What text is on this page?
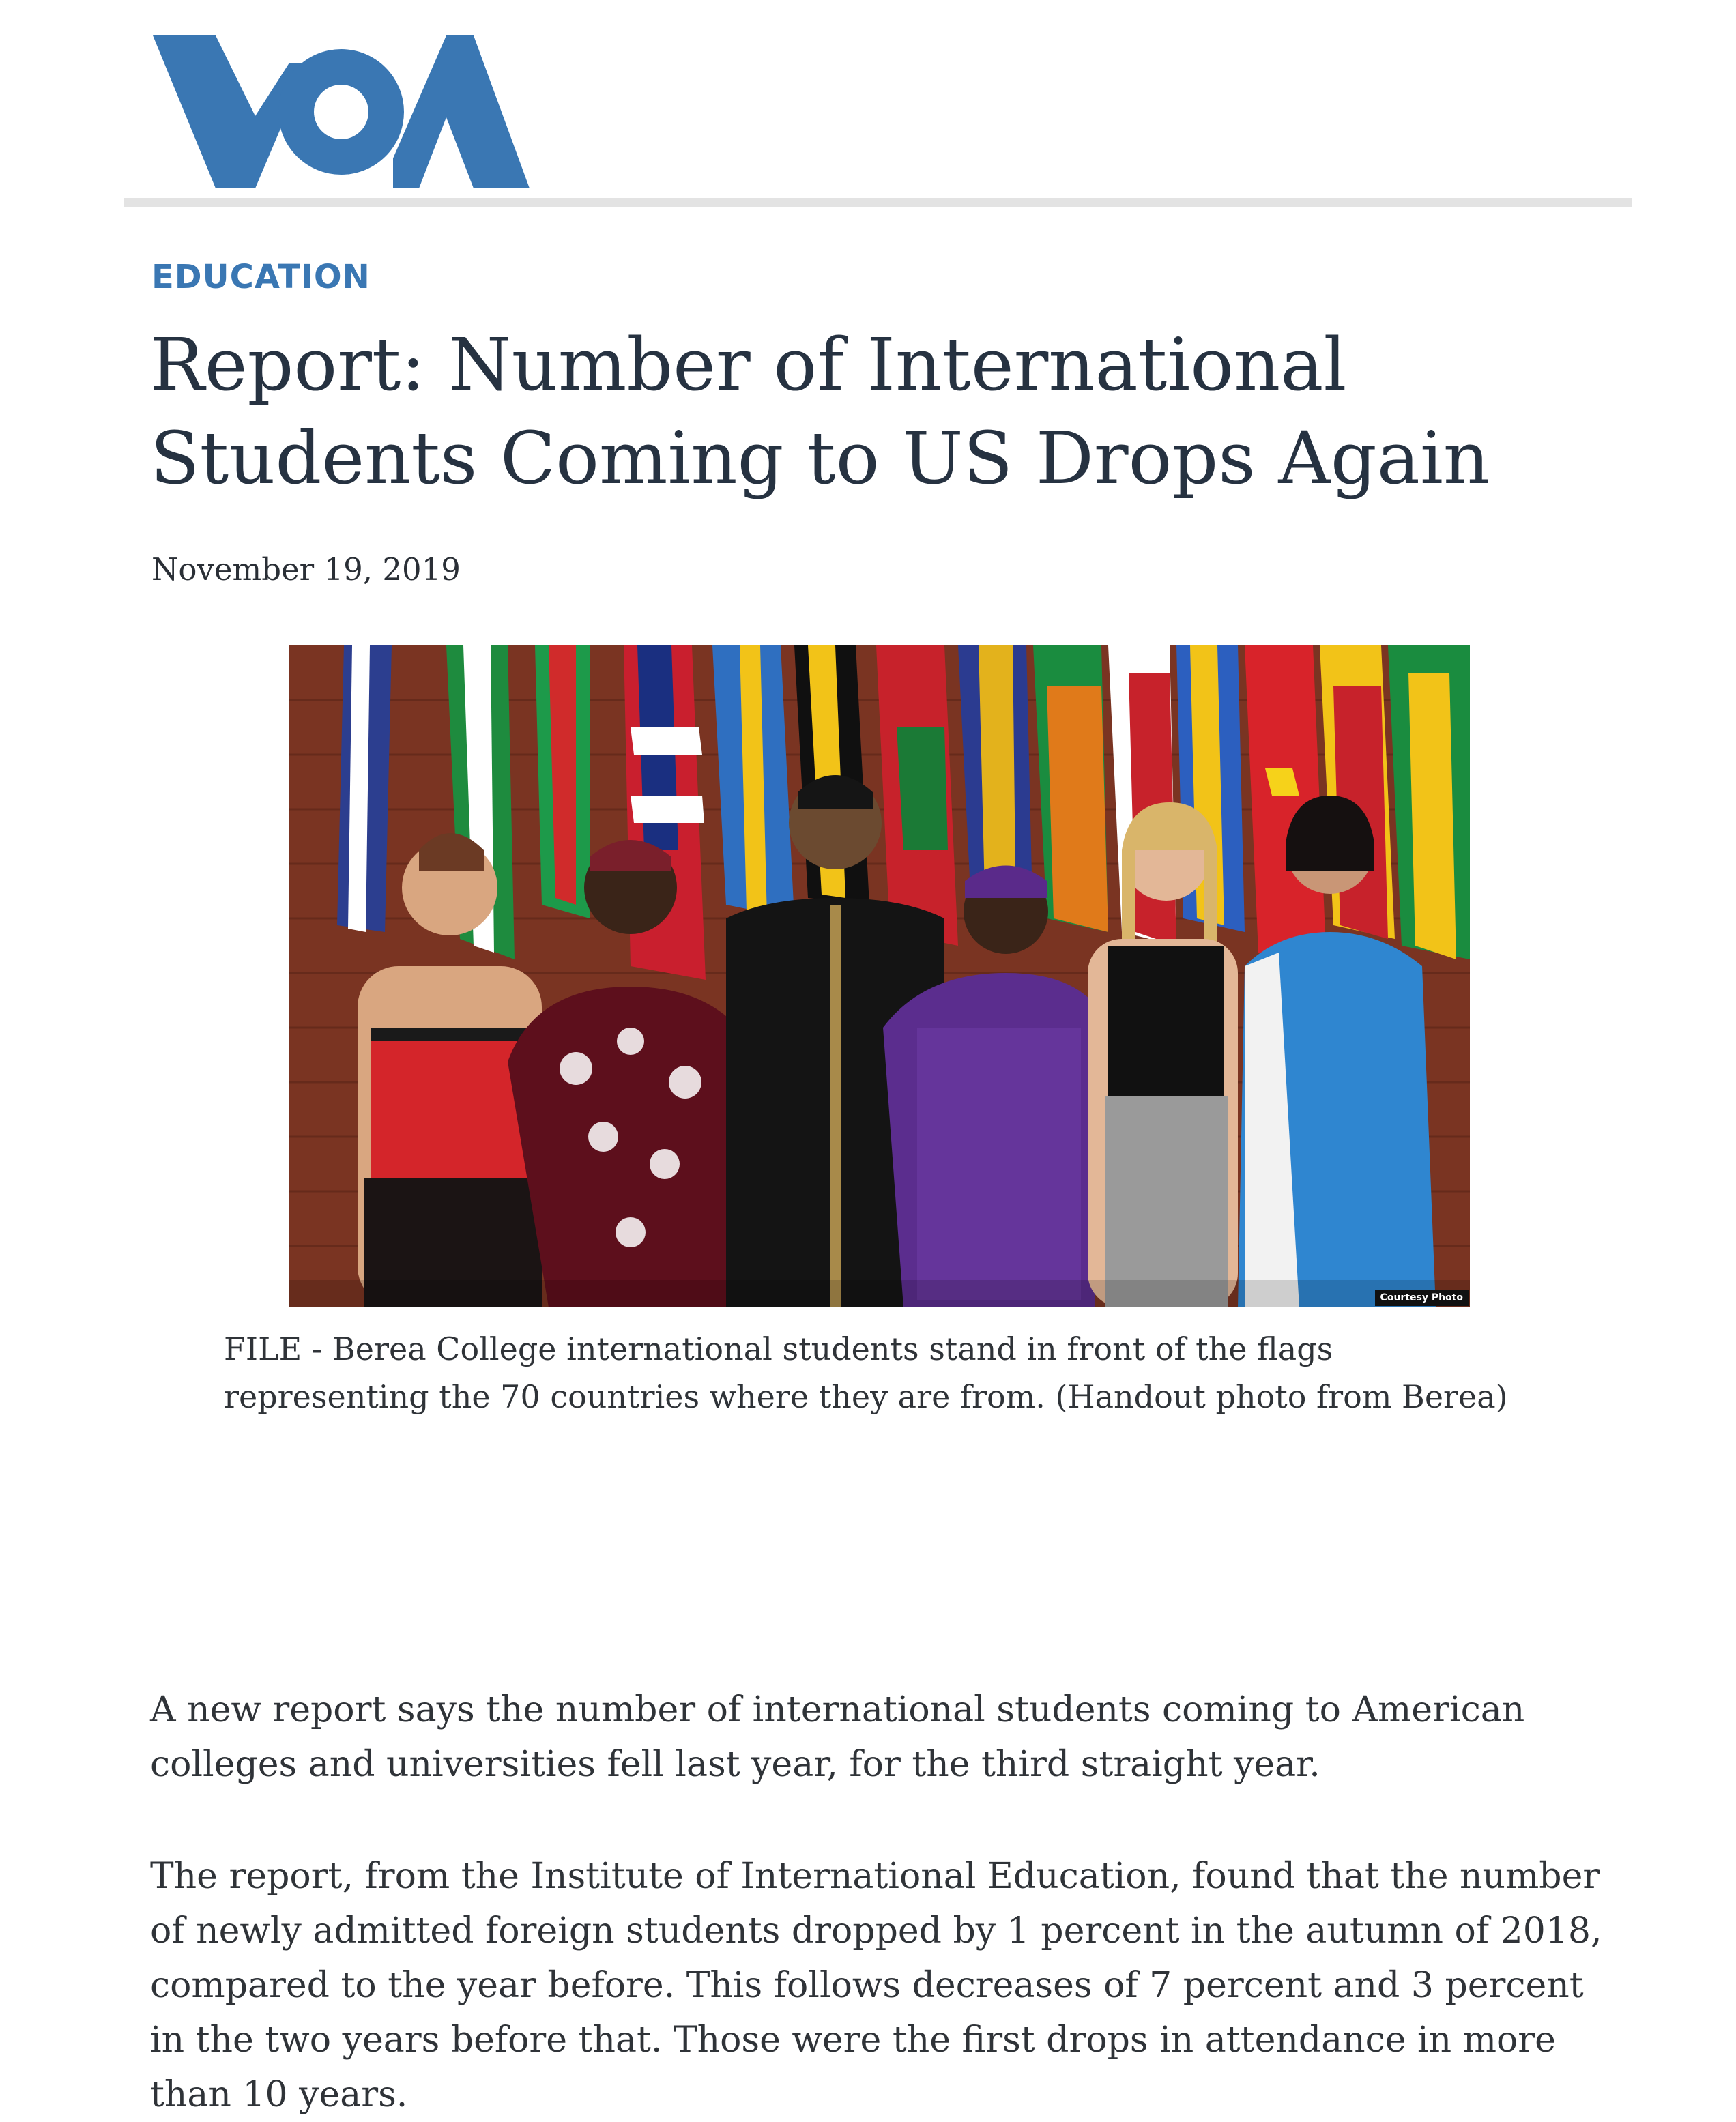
EDUCATION
Report: Number of International Students Coming to US Drops Again
November 19, 2019
Courtesy Photo

FILE - Berea College international students stand in front of the flags representing the 70 countries where they are from. (Handout photo from Berea)

A new report says the number of international students coming to American colleges and universities fell last year, for the third straight year.

The report, from the Institute of International Education, found that the number of newly admitted foreign students dropped by 1 percent in the autumn of 2018, compared to the year before. This follows decreases of 7 percent and 3 percent in the two years before that. Those were the first drops in attendance in more than 10 years.
